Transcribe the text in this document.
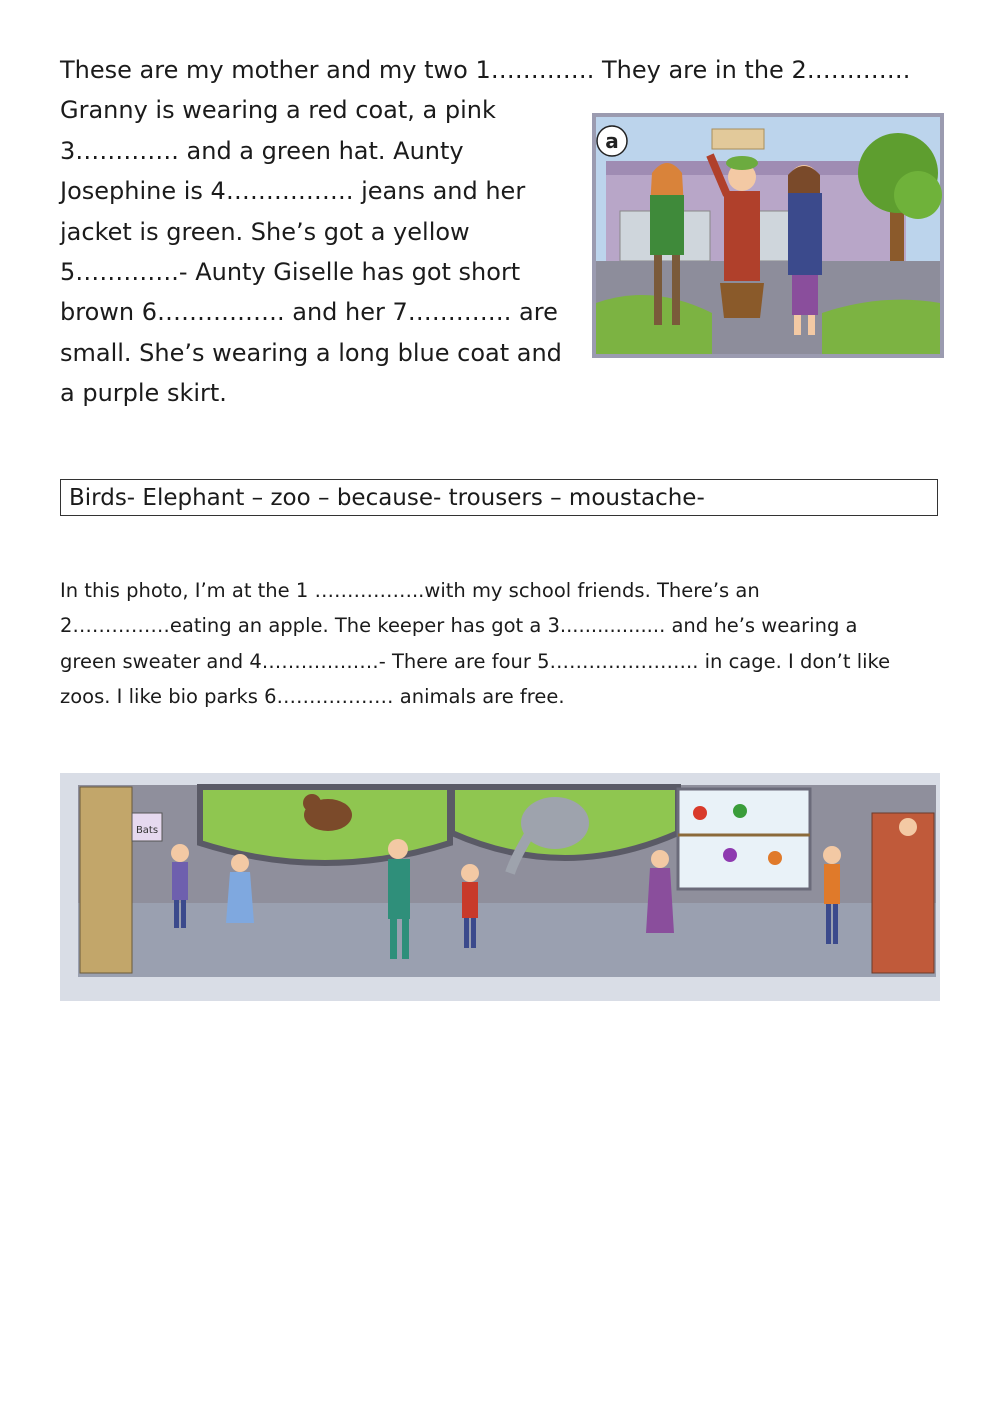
These are my mother and my two 1…………. They are in the 2………….
Granny is wearing a red coat, a pink
3…………. and a green hat. Aunty
Josephine is 4……………. jeans and her
jacket is green. She’s got a yellow
5………….- Aunty Giselle has got short
brown 6……………. and her 7…………. are
small. She’s wearing a long blue coat and
a purple skirt.
a
Birds- Elephant – zoo – because- trousers – moustache-
In this photo, I’m at the 1 ……………..with my school friends. There’s an
2……………eating an apple. The keeper has got a 3................. and he’s wearing a
green sweater and 4………………- There are four 5………………….. in cage. I don’t like
zoos. I like bio parks 6……………… animals are free.
Bats
